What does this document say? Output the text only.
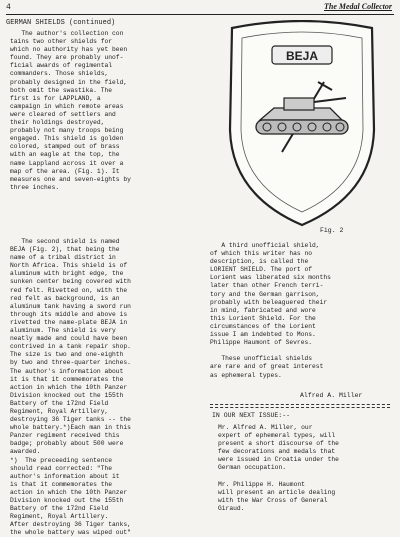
4	The Medal Collector
GERMAN SHIELDS (continued)

The author's collection con

tains two other shields for

which no authority has yet been

found. They are probably unof-

ficial awards of regimental

commanders. Those shields,

probably designed in the field,

both omit the swastika. The

first is for LAPPLAND, a

campaign in which remote areas

were cleared of settlers and

their holdings destroyed,

probably not many troops being

engaged. This shield is golden

colored, stamped out of brass

with an eagle at the top, the

name Lappland across it over a

map of the area. (Fig. 1). It

measures one and seven-eights by

three inches.

The second shield is named

BEJA (Fig. 2), that being the

name of a tribal district in

North Africa. This shield is of

aluminum with bright edge, the

sunken center being covered with

red felt. Rivetted on, with the

red felt as background, is an

aluminum tank having a sword run

through its middle and above is

rivetted the name-plate BEJA in

aluminum. The shield is very

neatly made and could have been

contrived in a tank repair shop.

The size is two and one-eighth

by two and three-quarter inches.

The author's information about

it is that it commemorates the

action in which the 10th Panzer

Division knocked out the 155th

Battery of the 172nd Field

Regiment, Royal Artillery,

destroying 36 Tiger tanks -- the

whole battery.*)Each man in this

Panzer regiment received this

badge; probably about 500 were

awarded.

*)  The preceeding sentence

should read corrected: "The

author's information about it

is that it commemorates the

action in which the 10th Panzer

Division knocked out the 155th

Battery of the 172nd Field

Regiment, Royal Artillery.

After destroying 36 Tiger tanks,

the whole battery was wiped out"

BEJA
Fig. 2

A third unofficial shield,

of which this writer has no

description, is called the

LORIENT SHIELD. The port of

Lorient was liberated six months

later than other French terri-

tory and the German garrison,

probably with beleaguered their

in mind, fabricated and wore

this Lorient Shield. For the

circumstances of the Lorient

issue I am indebted to Mons.

Philippe Haumont of Sevres.

These unofficial shields

are rare and of great interest

as ephemeral types.

Alfred A. Miller
IN OUR NEXT ISSUE:--

Mr. Alfred A. Miller, our

expert of ephemeral types, will

present a short discourse of the

few decorations and medals that

were issued in Croatia under the

German occupation.

Mr. Philippe H. Haumont

will present an article dealing

with the War Cross of General

Giraud.
